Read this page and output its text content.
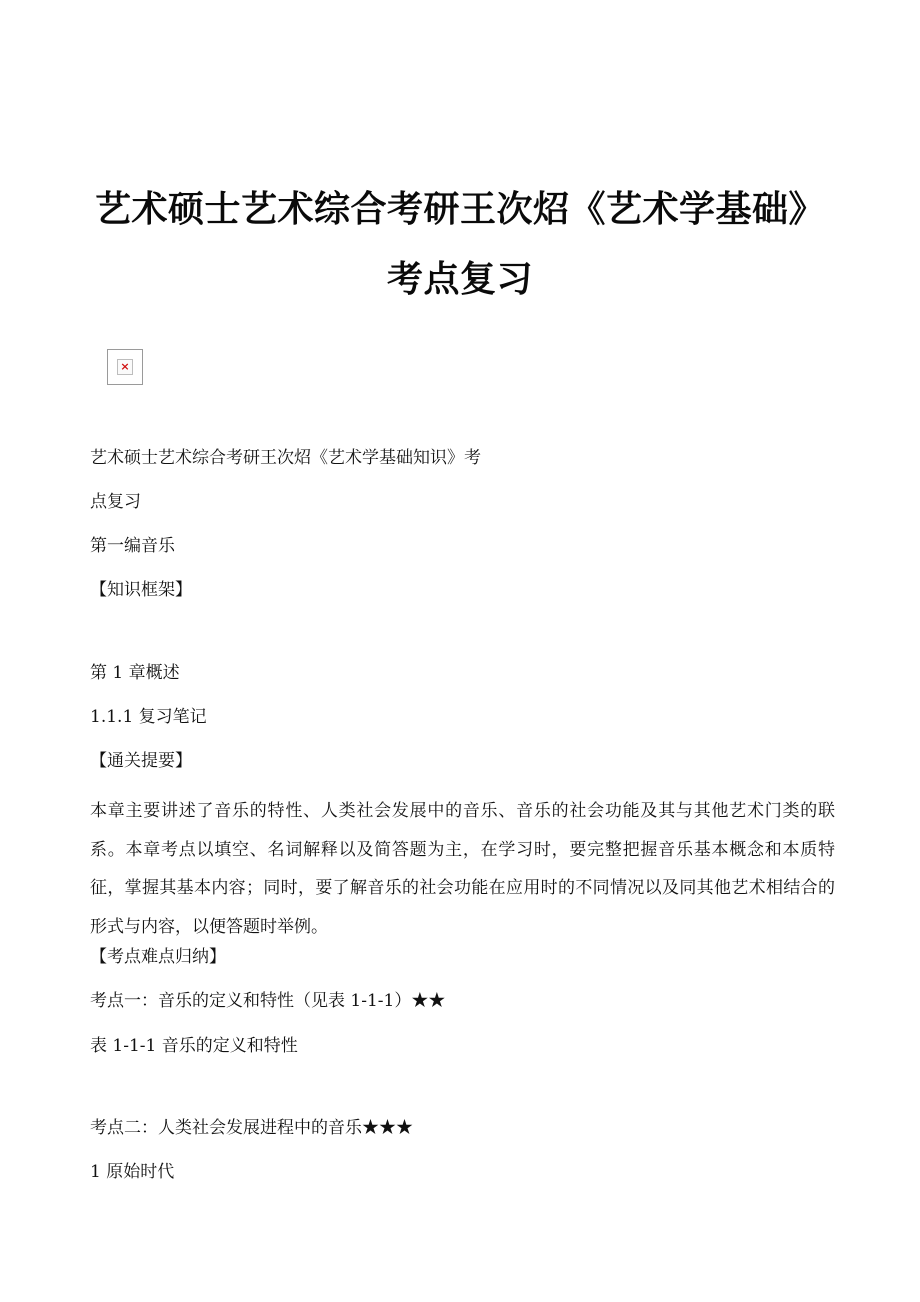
艺术硕士艺术综合考研王次炤《艺术学基础》
考点复习
×
艺术硕士艺术综合考研王次炤《艺术学基础知识》考
点复习
第一编音乐
【知识框架】
第 1 章概述
1.1.1 复习笔记
【通关提要】
本章主要讲述了音乐的特性、人类社会发展中的音乐、音乐的社会功能及其与其他艺术门类的联系。本章考点以填空、名词解释以及简答题为主，在学习时，要完整把握音乐基本概念和本质特征，掌握其基本内容；同时，要了解音乐的社会功能在应用时的不同情况以及同其他艺术相结合的形式与内容，以便答题时举例。
【考点难点归纳】
考点一：音乐的定义和特性（见表 1-1-1）★★
表 1-1-1 音乐的定义和特性
考点二：人类社会发展进程中的音乐★★★
1 原始时代
